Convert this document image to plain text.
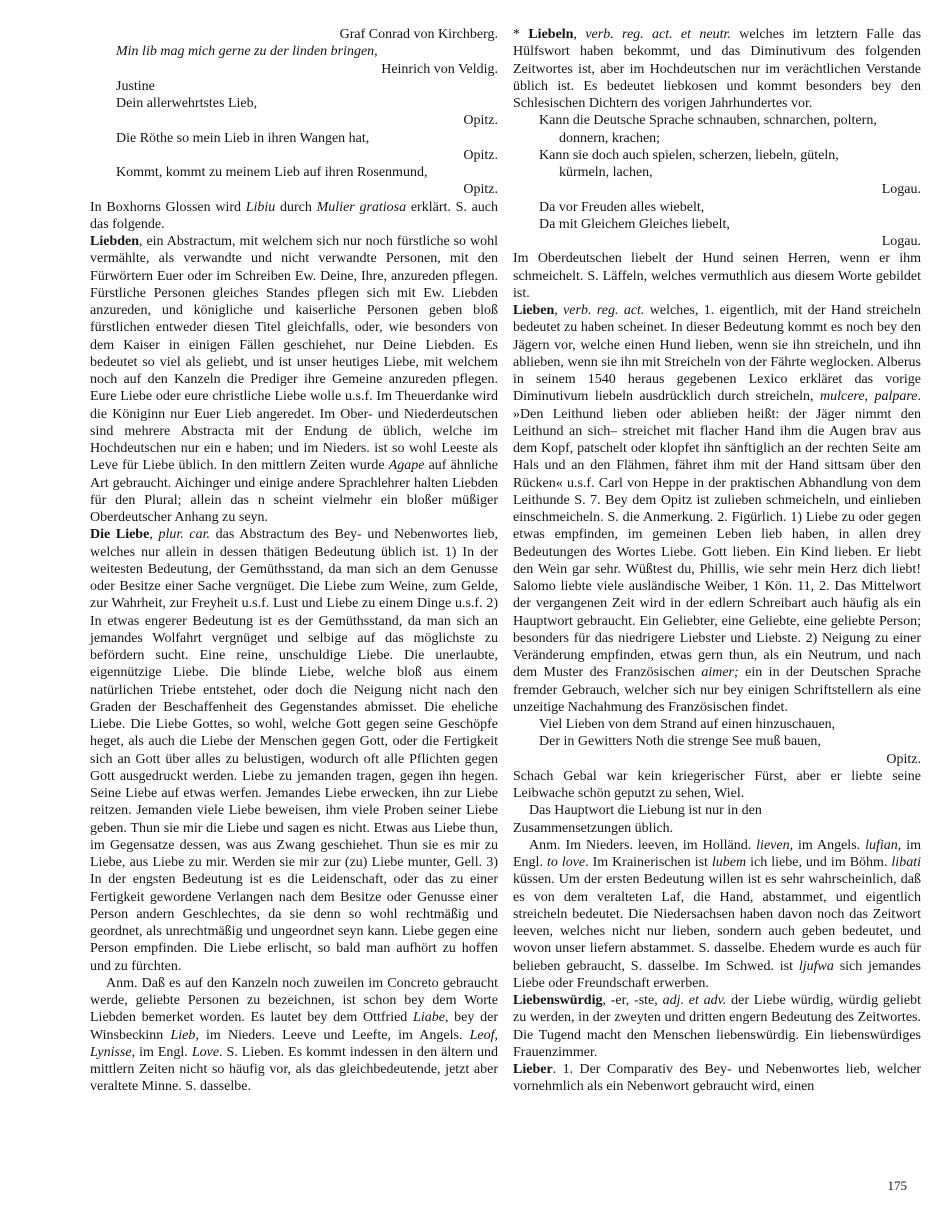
Graf Conrad von Kirchberg.
Min lib mag mich gerne zu der linden bringen,
Heinrich von Veldig.
Justine
Dein allerwehrtstes Lieb,
Opitz.
Die Röthe so mein Lieb in ihren Wangen hat,
Opitz.
Kommt, kommt zu meinem Lieb auf ihren Rosenmund,
Opitz.
In Boxhorns Glossen wird Libiu durch Mulier gratiosa erklärt. S. auch das folgende.
Liebden, ein Abstractum, mit welchem sich nur noch fürstliche so wohl vermählte, als verwandte und nicht verwandte Personen, mit den Fürwörtern Euer oder im Schreiben Ew. Deine, Ihre, anzureden pflegen. Fürstliche Personen gleiches Standes pflegen sich mit Ew. Liebden anzureden, und königliche und kaiserliche Personen geben bloß fürstlichen entweder diesen Titel gleichfalls, oder, wie besonders von dem Kaiser in einigen Fällen geschiehet, nur Deine Liebden. Es bedeutet so viel als geliebt, und ist unser heutiges Liebe, mit welchem noch auf den Kanzeln die Prediger ihre Gemeine anzureden pflegen. Eure Liebe oder eure christliche Liebe wolle u.s.f. Im Theuerdanke wird die Königinn nur Euer Lieb angeredet. Im Ober- und Niederdeutschen sind mehrere Abstracta mit der Endung de üblich, welche im Hochdeutschen nur ein e haben; und im Nieders. ist so wohl Leeste als Leve für Liebe üblich. In den mittlern Zeiten wurde Agape auf ähnliche Art gebraucht. Aichinger und einige andere Sprachlehrer halten Liebden für den Plural; allein das n scheint vielmehr ein bloßer müßiger Oberdeutscher Anhang zu seyn.
Die Liebe, plur. car. das Abstractum des Bey- und Nebenwortes lieb, welches nur allein in dessen thätigen Bedeutung üblich ist. 1) In der weitesten Bedeutung, der Gemüthsstand, da man sich an dem Genusse oder Besitze einer Sache vergnüget. Die Liebe zum Weine, zum Gelde, zur Wahrheit, zur Freyheit u.s.f. Lust und Liebe zu einem Dinge u.s.f. 2) In etwas engerer Bedeutung ist es der Gemüthsstand, da man sich an jemandes Wolfahrt vergnüget und selbige auf das möglichste zu befördern sucht. Eine reine, unschuldige Liebe. Die unerlaubte, eigennützige Liebe. Die blinde Liebe, welche bloß aus einem natürlichen Triebe entstehet, oder doch die Neigung nicht nach den Graden der Beschaffenheit des Gegenstandes abmisset. Die eheliche Liebe. Die Liebe Gottes, so wohl, welche Gott gegen seine Geschöpfe heget, als auch die Liebe der Menschen gegen Gott, oder die Fertigkeit sich an Gott über alles zu belustigen, wodurch oft alle Pflichten gegen Gott ausgedruckt werden. Liebe zu jemanden tragen, gegen ihn hegen. Seine Liebe auf etwas werfen. Jemandes Liebe erwecken, ihn zur Liebe reitzen. Jemanden viele Liebe beweisen, ihm viele Proben seiner Liebe geben. Thun sie mir die Liebe und sagen es nicht. Etwas aus Liebe thun, im Gegensatze dessen, was aus Zwang geschiehet. Thun sie es mir zu Liebe, aus Liebe zu mir. Werden sie mir zur (zu) Liebe munter, Gell. 3) In der engsten Bedeutung ist es die Leidenschaft, oder das zu einer Fertigkeit gewordene Verlangen nach dem Besitze oder Genusse einer Person andern Geschlechtes, da sie denn so wohl rechtmäßig und geordnet, als unrechtmäßig und ungeordnet seyn kann. Liebe gegen eine Person empfinden. Die Liebe erlischt, so bald man aufhört zu hoffen und zu fürchten.
Anm. Daß es auf den Kanzeln noch zuweilen im Concreto gebraucht werde, geliebte Personen zu bezeichnen, ist schon bey dem Worte Liebden bemerket worden. Es lautet bey dem Ottfried Liabe, bey der Winsbeckinn Lieb, im Nieders. Leeve und Leefte, im Angels. Leof, Lynisse, im Engl. Love. S. Lieben. Es kommt indessen in den ältern und mittlern Zeiten nicht so häufig vor, als das gleichbedeutende, jetzt aber veraltete Minne. S. dasselbe.
* Liebeln, verb. reg. act. et neutr. welches im letztern Falle das Hülfswort haben bekommt, und das Diminutivum des folgenden Zeitwortes ist, aber im Hochdeutschen nur im verächtlichen Verstande üblich ist. Es bedeutet liebkosen und kommt besonders bey den Schlesischen Dichtern des vorigen Jahrhundertes vor.
Kann die Deutsche Sprache schnauben, schnarchen, poltern,
donnern, krachen;
Kann sie doch auch spielen, scherzen, liebeln, güteln,
kürmeln, lachen,
Logau.
Da vor Freuden alles wiebelt,
Da mit Gleichem Gleiches liebelt,
Logau.
Im Oberdeutschen liebelt der Hund seinen Herren, wenn er ihm schmeichelt. S. Läffeln, welches vermuthlich aus diesem Worte gebildet ist.
Lieben, verb. reg. act. welches, 1. eigentlich, mit der Hand streicheln bedeutet zu haben scheinet. In dieser Bedeutung kommt es noch bey den Jägern vor, welche einen Hund lieben, wenn sie ihn streicheln, und ihn ablieben, wenn sie ihn mit Streicheln von der Fährte weglocken. Alberus in seinem 1540 heraus gegebenen Lexico erkläret das vorige Diminutivum liebeln ausdrücklich durch streicheln, mulcere, palpare. »Den Leithund lieben oder ablieben heißt: der Jäger nimmt den Leithund an sich– streichet mit flacher Hand ihm die Augen brav aus dem Kopf, patschelt oder klopfet ihn sänftiglich an der rechten Seite am Hals und an den Flähmen, fähret ihm mit der Hand sittsam über den Rücken« u.s.f. Carl von Heppe in der praktischen Abhandlung von dem Leithunde S. 7. Bey dem Opitz ist zulieben schmeicheln, und einlieben einschmeicheln. S. die Anmerkung. 2. Figürlich. 1) Liebe zu oder gegen etwas empfinden, im gemeinen Leben lieb haben, in allen drey Bedeutungen des Wortes Liebe. Gott lieben. Ein Kind lieben. Er liebt den Wein gar sehr. Wüßtest du, Phillis, wie sehr mein Herz dich liebt! Salomo liebte viele ausländische Weiber, 1 Kön. 11, 2. Das Mittelwort der vergangenen Zeit wird in der edlern Schreibart auch häufig als ein Hauptwort gebraucht. Ein Geliebter, eine Geliebte, eine geliebte Person; besonders für das niedrigere Liebster und Liebste. 2) Neigung zu einer Veränderung empfinden, etwas gern thun, als ein Neutrum, und nach dem Muster des Französischen aimer; ein in der Deutschen Sprache fremder Gebrauch, welcher sich nur bey einigen Schriftstellern als eine unzeitige Nachahmung des Französischen findet.
Viel Lieben von dem Strand auf einen hinzuschauen,
Der in Gewitters Noth die strenge See muß bauen,
Opitz.
Schach Gebal war kein kriegerischer Fürst, aber er liebte seine Leibwache schön geputzt zu sehen, Wiel.
Das Hauptwort die Liebung ist nur in den
Zusammensetzungen üblich.
Anm. Im Nieders. leeven, im Holländ. lieven, im Angels. lufian, im Engl. to love. Im Krainerischen ist lubem ich liebe, und im Böhm. libati küssen. Um der ersten Bedeutung willen ist es sehr wahrscheinlich, daß es von dem veralteten Laf, die Hand, abstammet, und eigentlich streicheln bedeutet. Die Niedersachsen haben davon noch das Zeitwort leeven, welches nicht nur lieben, sondern auch geben bedeutet, und wovon unser liefern abstammet. S. dasselbe. Ehedem wurde es auch für belieben gebraucht, S. dasselbe. Im Schwed. ist ljufwa sich jemandes Liebe oder Freundschaft erwerben.
Liebenswürdig, -er, -ste, adj. et adv. der Liebe würdig, würdig geliebt zu werden, in der zweyten und dritten engern Bedeutung des Zeitwortes. Die Tugend macht den Menschen liebenswürdig. Ein liebenswürdiges Frauenzimmer.
Lieber. 1. Der Comparativ des Bey- und Nebenwortes lieb, welcher vornehmlich als ein Nebenwort gebraucht wird, einen
175
